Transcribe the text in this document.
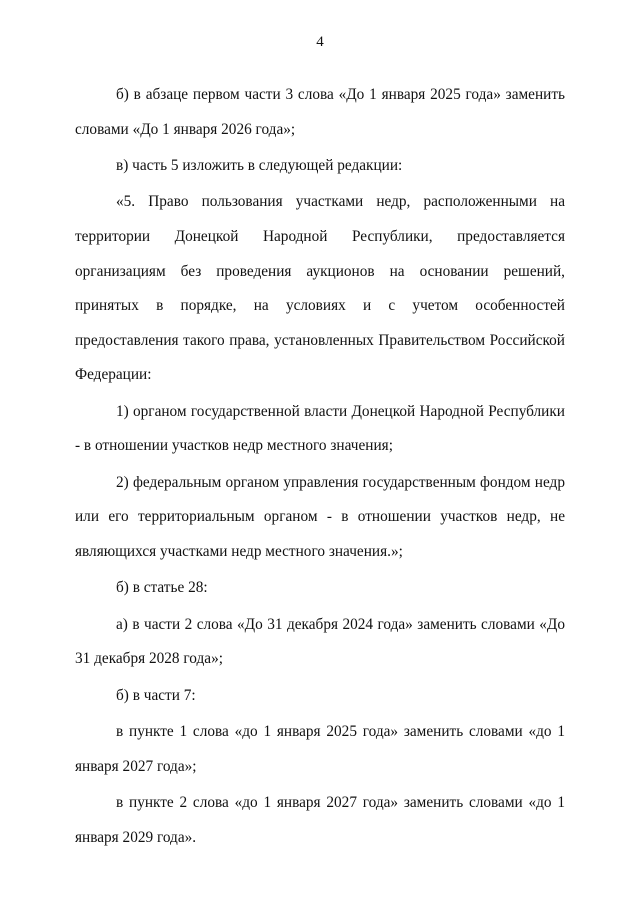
4

б) в абзаце первом части 3 слова «До 1 января 2025 года» заменить словами «До 1 января 2026 года»;

в) часть 5 изложить в следующей редакции:

«5. Право пользования участками недр, расположенными на территории Донецкой Народной Республики, предоставляется организациям без проведения аукционов на основании решений, принятых в порядке, на условиях и с учетом особенностей предоставления такого права, установленных Правительством Российской Федерации:

1) органом государственной власти Донецкой Народной Республики - в отношении участков недр местного значения;

2) федеральным органом управления государственным фондом недр или его территориальным органом - в отношении участков недр, не являющихся участками недр местного значения.»;

б) в статье 28:

а) в части 2 слова «До 31 декабря 2024 года» заменить словами «До 31 декабря 2028 года»;

б) в части 7:

в пункте 1 слова «до 1 января 2025 года» заменить словами «до 1 января 2027 года»;

в пункте 2 слова «до 1 января 2027 года» заменить словами «до 1 января 2029 года».
